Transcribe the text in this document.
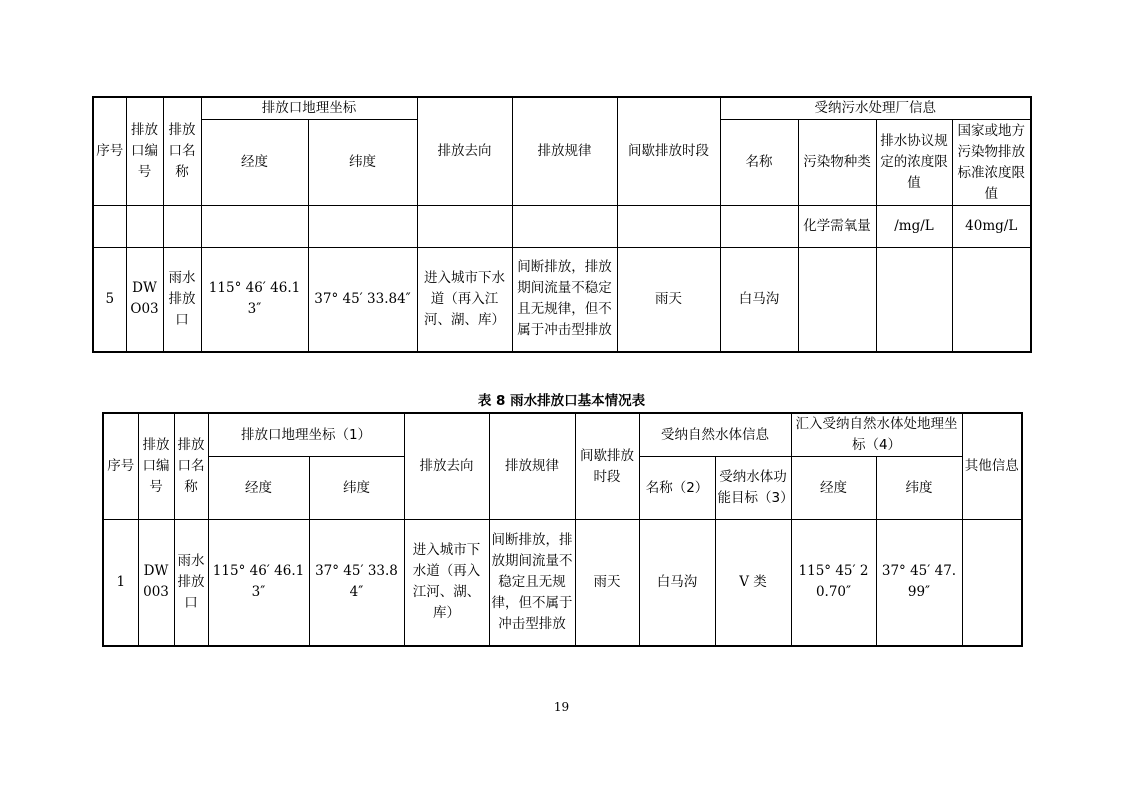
序号	排放口编号	排放口名称	排放口地理坐标		排放去向	排放规律	间歇排放时段	受纳污水处理厂信息			
			经度	纬度				名称	污染物种类	排水协议规定的浓度限值	国家或地方污染物排放标准浓度限值
									化学需氧量	/mg/L	40mg/L
5	DWO03	雨水排放口	115° 46′ 46.13″	37° 45′ 33.84″	进入城市下水道（再入江河、湖、库）	间断排放，排放期间流量不稳定且无规律，但不属于冲击型排放	雨天	白马沟			
表 8 雨水排放口基本情况表
序号	排放口编号	排放口名称	排放口地理坐标（1）		排放去向	排放规律	间歇排放时段	受纳自然水体信息		汇入受纳自然水体处地理坐标（4）		其他信息
			经度	纬度				名称（2）	受纳水体功能目标（3）	经度	纬度	
1	DW003	雨水排放口	115° 46′ 46.13″	37° 45′ 33.84″	进入城市下水道（再入江河、湖、库）	间断排放，排放期间流量不稳定且无规律，但不属于冲击型排放	雨天	白马沟	V 类	115° 45′ 20.70″	37° 45′ 47.99″	
19
